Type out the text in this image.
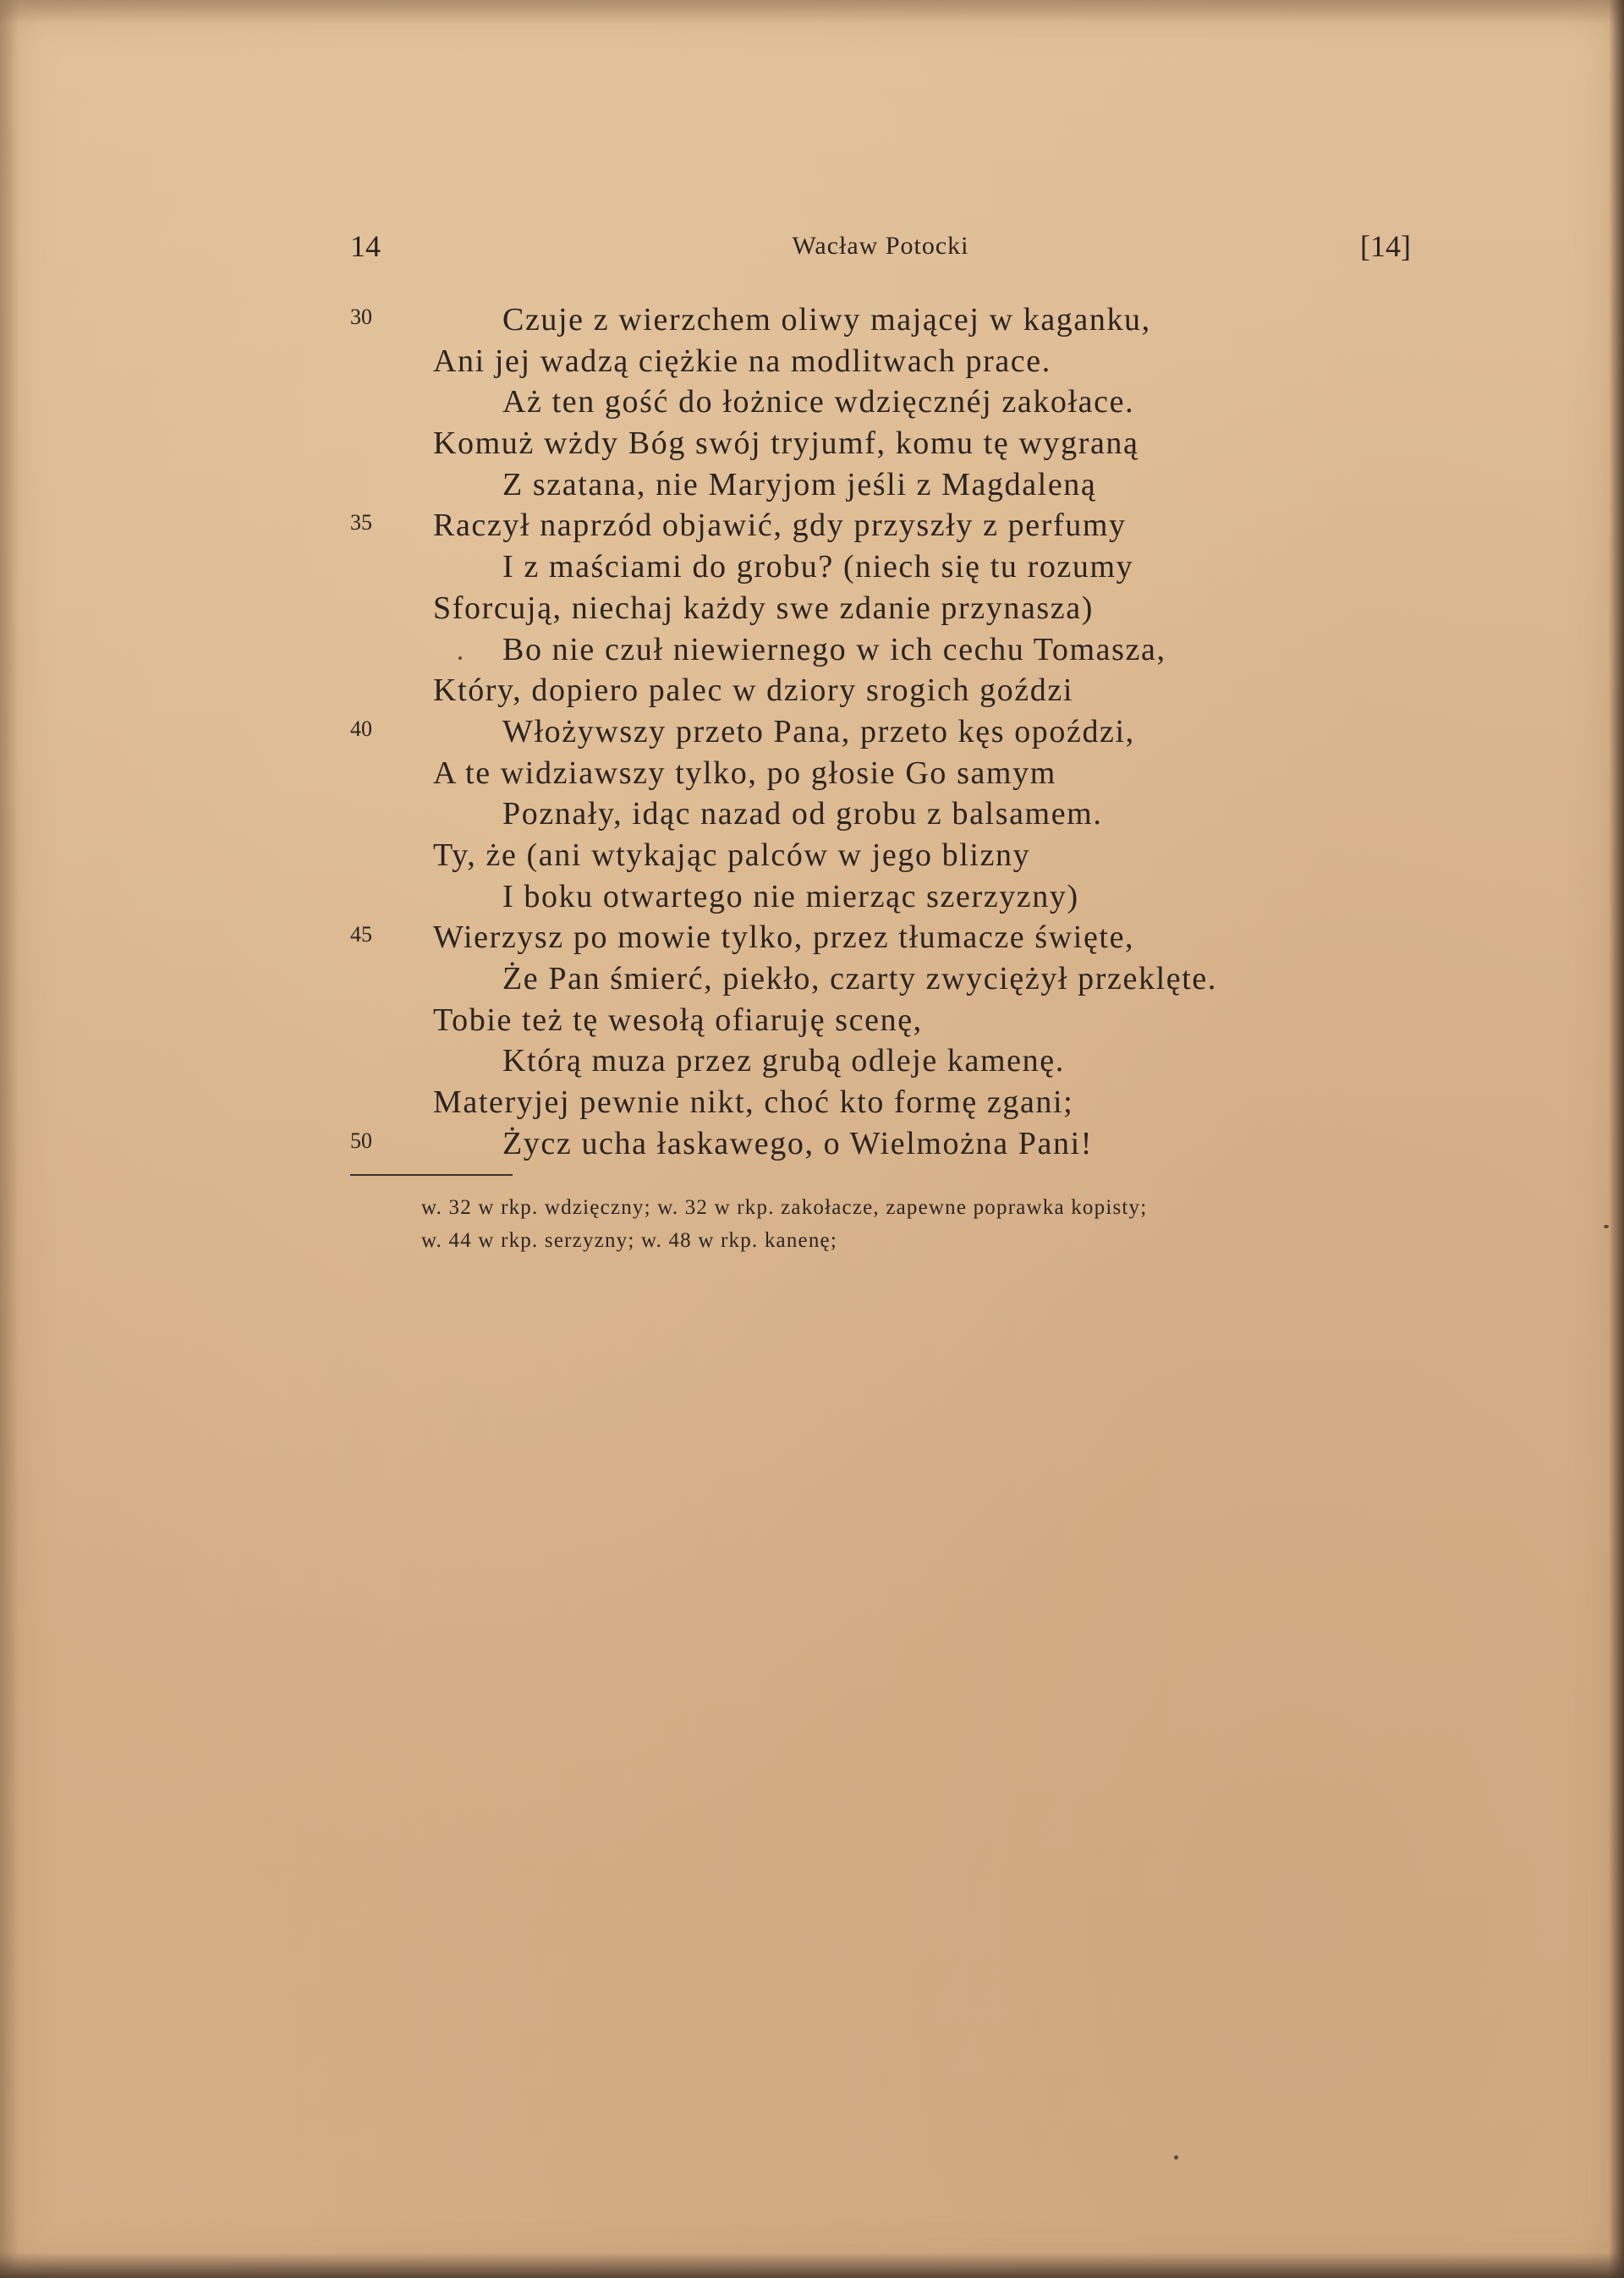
14	Wacław Potocki	[14]
30	Czuje z wierzchem oliwy mającej w kaganku,
Ani jej wadzą ciężkie na modlitwach prace.
Aż ten gość do łożnice wdzięcznéj zakołace.
Komuż wżdy Bóg swój tryjumf, komu tę wygraną
Z szatana, nie Maryjom jeśli z Magdaleną
35 Raczył naprzód objawić, gdy przyszły z perfumy
I z maściami do grobu? (niech się tu rozumy
Sforcują, niechaj każdy swe zdanie przynasza)
Bo nie czuł niewiernego w ich cechu Tomasza,
Który, dopiero palec w dziory srogich goździ
40	Włożywszy przeto Pana, przeto kęs opoździ,
A te widziawszy tylko, po głosie Go samym
Poznały, idąc nazad od grobu z balsamem.
Ty, że (ani wtykając palców w jego blizny
I boku otwartego nie mierząc szerzyzny)
45 Wierzysz po mowie tylko, przez tłumacze święte,
Że Pan śmierć, piekło, czarty zwyciężył przeklęte.
Tobie też tę wesołą ofiaruję scenę,
Którą muza przez grubą odleje kamenę.
Materyjej pewnie nikt, choć kto formę zgani;
50	Życz ucha łaskawego, o Wielmożna Pani!
w. 32 w rkp. wdzięczny; w. 32 w rkp. zakołacze, zapewne poprawka kopisty;
w. 44 w rkp. serzyzny; w. 48 w rkp. kanenę;
